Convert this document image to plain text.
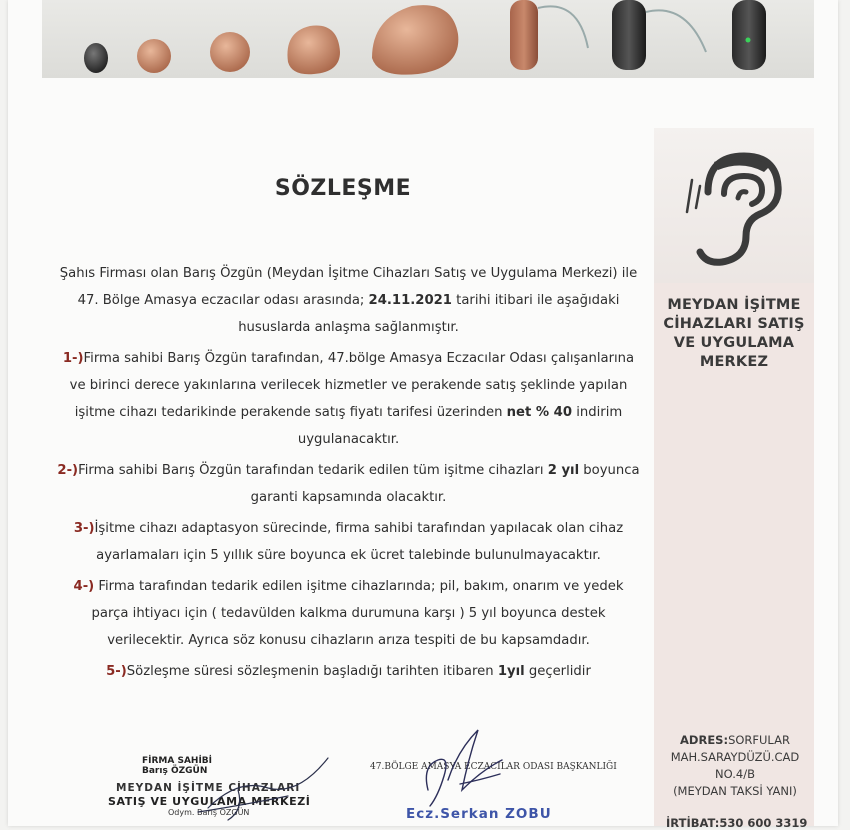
MEYDAN İŞİTME CİHAZLARI SATIŞ VE UYGULAMA MERKEZ
ADRES:SORFULAR
MAH.SARAYDÜZÜ.CAD
NO.4/B
(MEYDAN TAKSİ YANI)
İRTİBAT:530 600 3319
SÖZLEŞME

Şahıs Firması olan Barış Özgün (Meydan İşitme Cihazları Satış ve Uygulama Merkezi) ile 47. Bölge Amasya eczacılar odası arasında; 24.11.2021 tarihi itibari ile aşağıdaki hususlarda anlaşma sağlanmıştır.

1-)Firma sahibi Barış Özgün tarafından, 47.bölge Amasya Eczacılar Odası çalışanlarına ve birinci derece yakınlarına verilecek hizmetler ve perakende satış şeklinde yapılan işitme cihazı tedarikinde perakende satış fiyatı tarifesi üzerinden net % 40 indirim uygulanacaktır.

2-)Firma sahibi Barış Özgün tarafından tedarik edilen tüm işitme cihazları 2 yıl boyunca garanti kapsamında olacaktır.

3-)İşitme cihazı adaptasyon sürecinde, firma sahibi tarafından yapılacak olan cihaz ayarlamaları için 5 yıllık süre boyunca ek ücret talebinde bulunulmayacaktır.

4-) Firma tarafından tedarik edilen işitme cihazlarında; pil, bakım, onarım ve yedek parça ihtiyacı için ( tedavülden kalkma durumuna karşı ) 5 yıl boyunca destek verilecektir. Ayrıca söz konusu cihazların arıza tespiti de bu kapsamdadır.

5-)Sözleşme süresi sözleşmenin başladığı tarihten itibaren 1yıl geçerlidir

FİRMA SAHİBİ
Barış ÖZGÜN
MEYDAN İŞİTME CİHAZLARI
SATIŞ VE UYGULAMA MERKEZİ
Odym. Barış ÖZGÜN
47.BÖLGE AMASYA ECZACILAR ODASI BAŞKANLIĞI
Ecz.Serkan ZOBU
